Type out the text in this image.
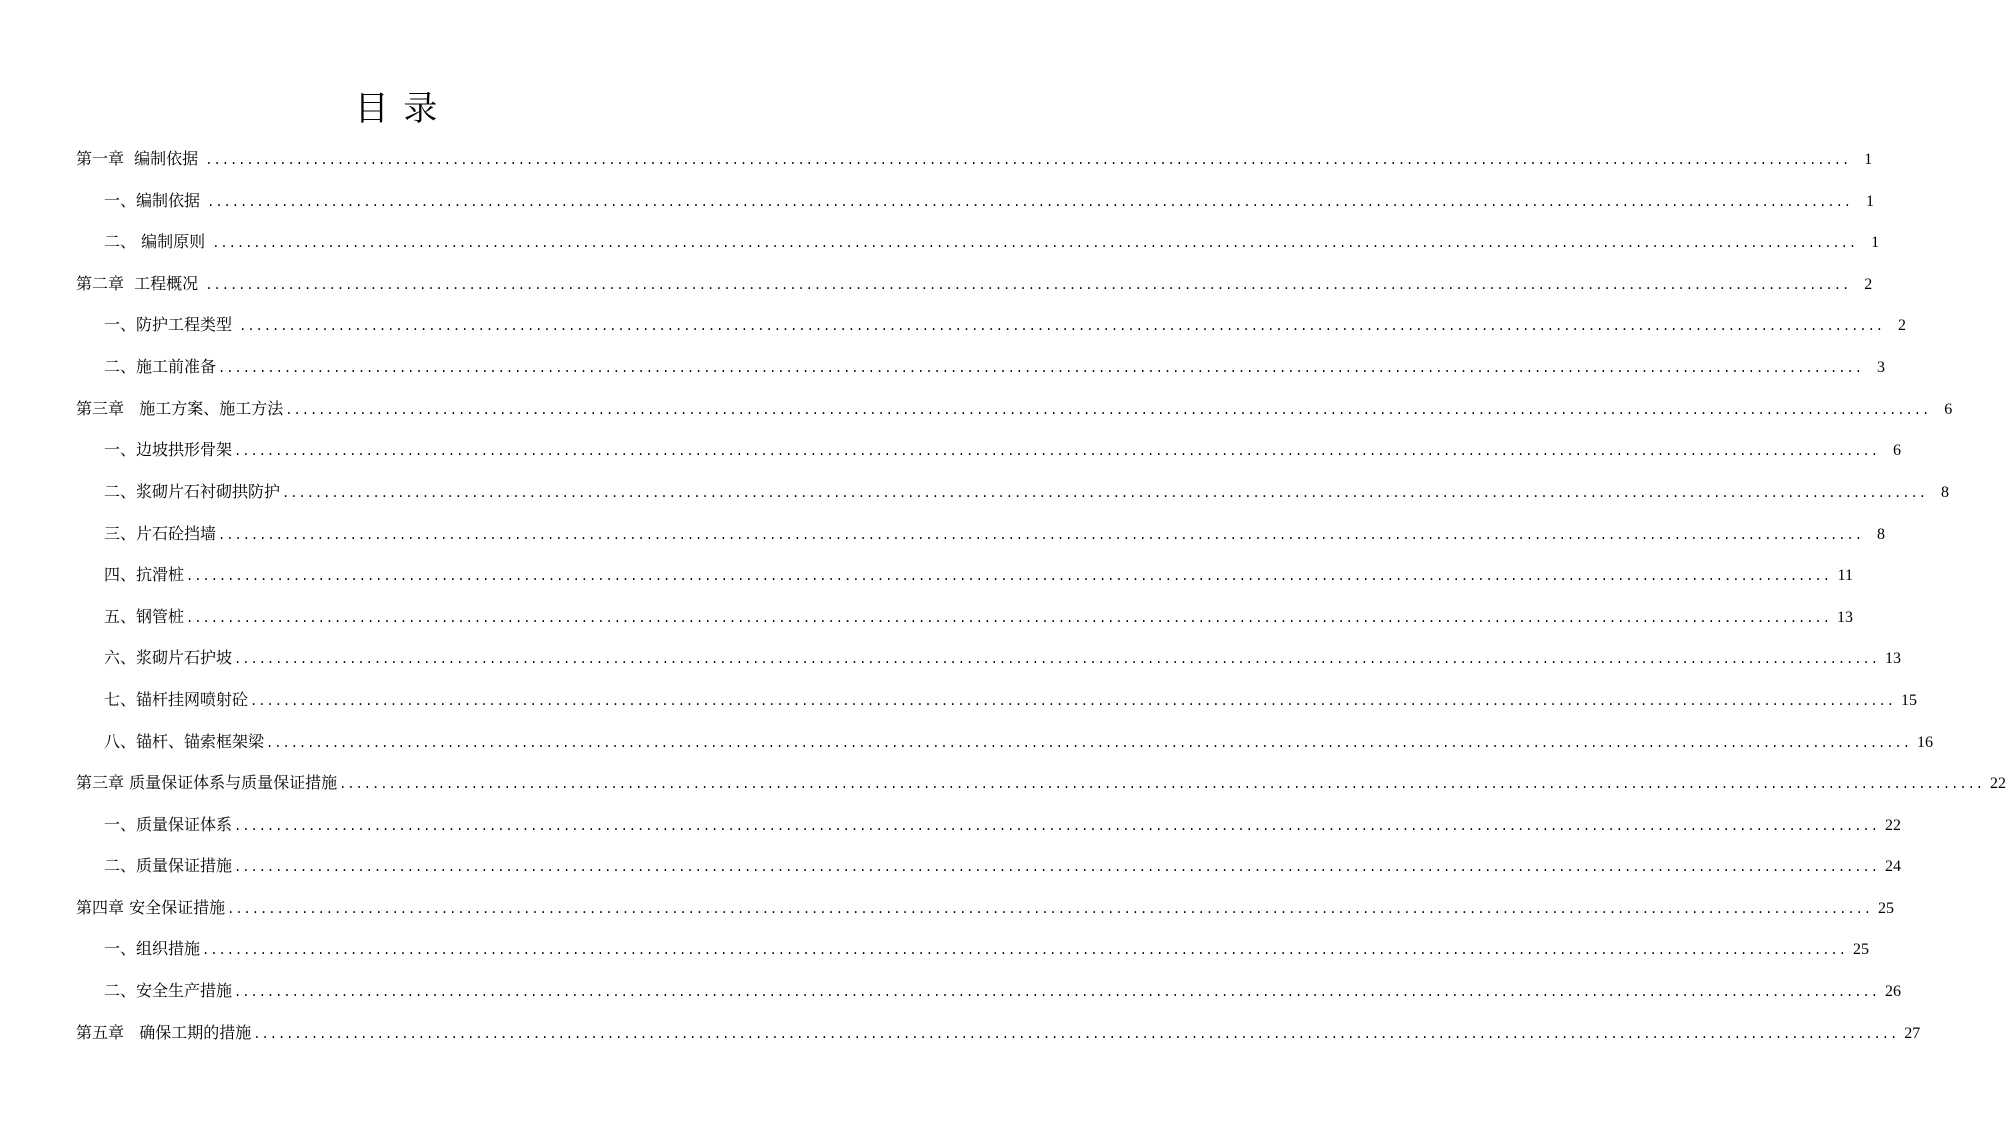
目 录
第一章  编制依据 ........................................................................................................................................................................................................ 1
一、编制依据 ........................................................................................................................................................................................................ 1
二、 编制原则 ........................................................................................................................................................................................................ 1
第二章  工程概况 ........................................................................................................................................................................................................ 2
一、防护工程类型 ........................................................................................................................................................................................................ 2
二、施工前准备 ........................................................................................................................................................................................................ 3
第三章   施工方案、施工方法 ........................................................................................................................................................................................................ 6
一、边坡拱形骨架 ........................................................................................................................................................................................................ 6
二、浆砌片石衬砌拱防护 ........................................................................................................................................................................................................ 8
三、片石砼挡墙 ........................................................................................................................................................................................................ 8
四、抗滑桩 ........................................................................................................................................................................................................ 11
五、钢管桩 ........................................................................................................................................................................................................ 13
六、浆砌片石护坡 ........................................................................................................................................................................................................ 13
七、锚杆挂网喷射砼 ........................................................................................................................................................................................................ 15
八、锚杆、锚索框架梁 ........................................................................................................................................................................................................ 16
第三章 质量保证体系与质量保证措施 ........................................................................................................................................................................................................ 22
一、质量保证体系 ........................................................................................................................................................................................................ 22
二、质量保证措施 ........................................................................................................................................................................................................ 24
第四章 安全保证措施 ........................................................................................................................................................................................................ 25
一、组织措施 ........................................................................................................................................................................................................ 25
二、安全生产措施 ........................................................................................................................................................................................................ 26
第五章   确保工期的措施 ........................................................................................................................................................................................................ 27
